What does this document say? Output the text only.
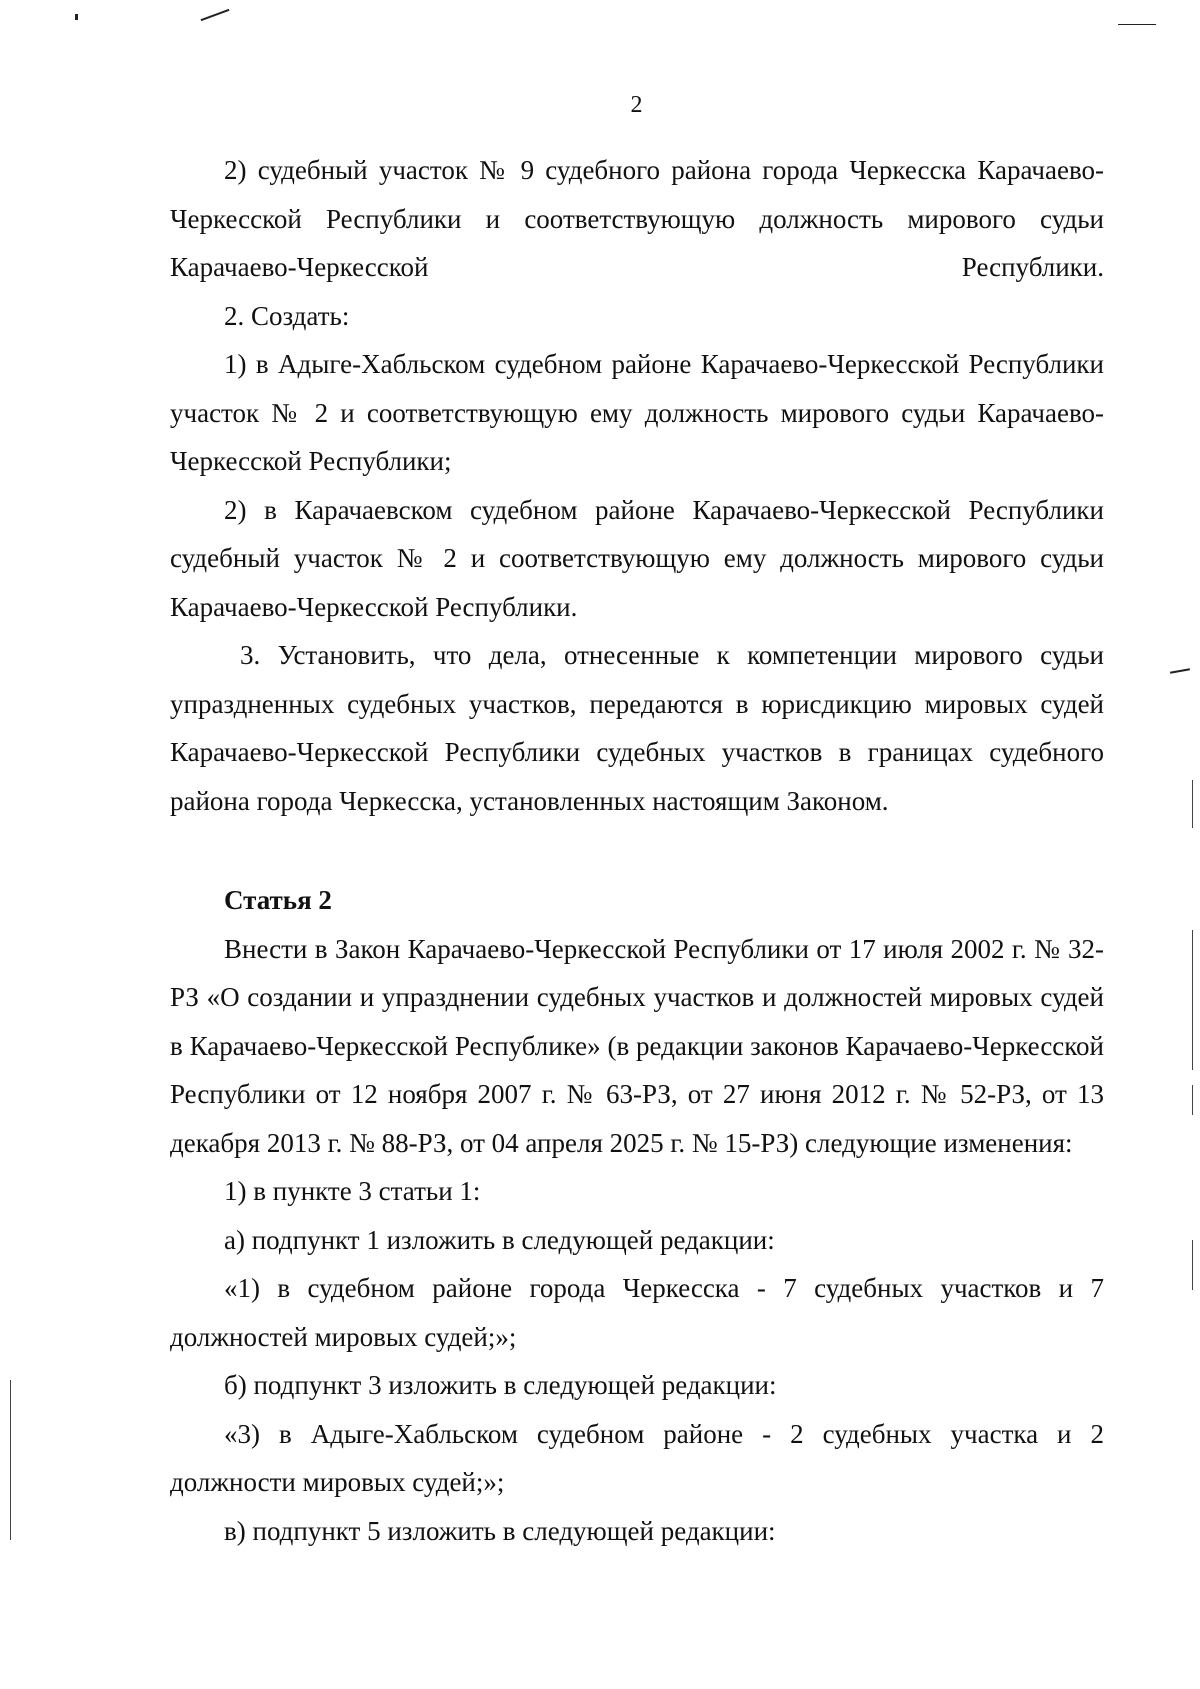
2

2) судебный участок № 9 судебного района города Черкесска Карачаево-Черкесской Республики и соответствующую должность мирового судьи Карачаево-Черкесской Республики.

2. Создать:

1) в Адыге-Хабльском судебном районе Карачаево-Черкесской Республики участок № 2 и соответствующую ему должность мирового судьи Карачаево-Черкесской Республики;

2) в Карачаевском судебном районе Карачаево-Черкесской Республики судебный участок № 2 и соответствующую ему должность мирового судьи Карачаево-Черкесской Республики.

3. Установить, что дела, отнесенные к компетенции мирового судьи упраздненных судебных участков, передаются в юрисдикцию мировых судей Карачаево-Черкесской Республики судебных участков в границах судебного района города Черкесска, установленных настоящим Законом.

Статья 2

Внести в Закон Карачаево-Черкесской Республики от 17 июля 2002 г. № 32-РЗ «О создании и упразднении судебных участков и должностей мировых судей в Карачаево-Черкесской Республике» (в редакции законов Карачаево-Черкесской Республики от 12 ноября 2007 г. № 63-РЗ, от 27 июня 2012 г. № 52-РЗ, от 13 декабря 2013 г. № 88-РЗ, от 04 апреля 2025 г. № 15-РЗ) следующие изменения:

1) в пункте 3 статьи 1:

а) подпункт 1 изложить в следующей редакции:

«1) в судебном районе города Черкесска - 7 судебных участков и 7 должностей мировых судей;»;

б) подпункт 3 изложить в следующей редакции:

«3) в Адыге-Хабльском судебном районе - 2 судебных участка и 2 должности мировых судей;»;

в) подпункт 5 изложить в следующей редакции:
